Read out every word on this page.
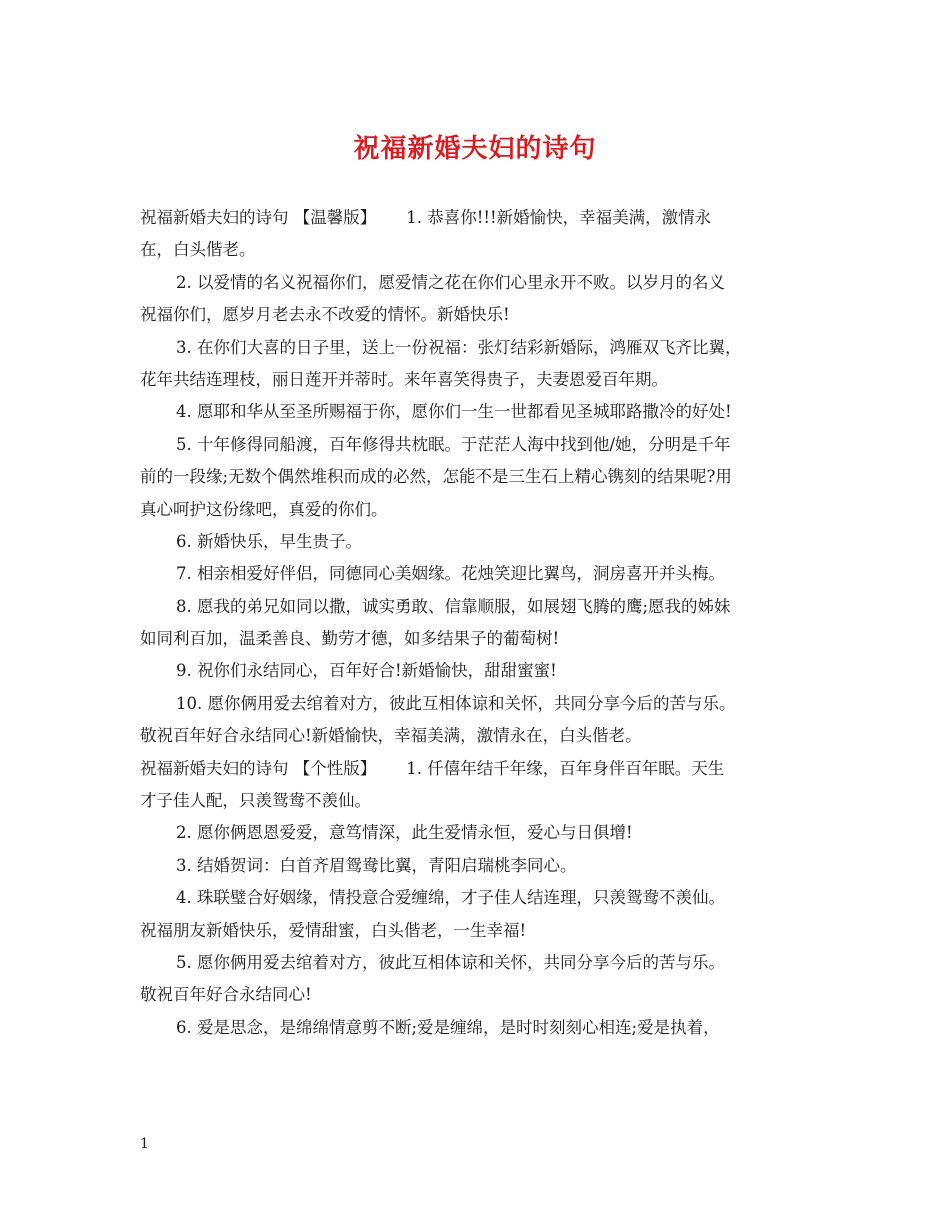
祝福新婚夫妇的诗句
祝福新婚夫妇的诗句 【温馨版】　　 1. 恭喜你!!!新婚愉快，幸福美满，激情永
在，白头偕老。
2. 以爱情的名义祝福你们，愿爱情之花在你们心里永开不败。以岁月的名义
祝福你们，愿岁月老去永不改爱的情怀。新婚快乐!
3. 在你们大喜的日子里，送上一份祝福：张灯结彩新婚际，鸿雁双飞齐比翼，
花年共结连理枝，丽日莲开并蒂时。来年喜笑得贵子，夫妻恩爱百年期。
4. 愿耶和华从至圣所赐福于你，愿你们一生一世都看见圣城耶路撒冷的好处!
5. 十年修得同船渡，百年修得共枕眠。于茫茫人海中找到他/她，分明是千年
前的一段缘;无数个偶然堆积而成的必然，怎能不是三生石上精心镌刻的结果呢?用
真心呵护这份缘吧，真爱的你们。
6. 新婚快乐，早生贵子。
7. 相亲相爱好伴侣，同德同心美姻缘。花烛笑迎比翼鸟，洞房喜开并头梅。
8. 愿我的弟兄如同以撒，诚实勇敢、信靠顺服，如展翅飞腾的鹰;愿我的姊妹
如同利百加，温柔善良、勤劳才德，如多结果子的葡萄树!
9. 祝你们永结同心，百年好合!新婚愉快，甜甜蜜蜜!
10. 愿你俩用爱去绾着对方，彼此互相体谅和关怀，共同分享今后的苦与乐。
敬祝百年好合永结同心!新婚愉快，幸福美满，激情永在，白头偕老。
祝福新婚夫妇的诗句 【个性版】　　 1. 仟僖年结千年缘，百年身伴百年眠。天生
才子佳人配，只羡鸳鸯不羡仙。
2. 愿你俩恩恩爱爱，意笃情深，此生爱情永恒，爱心与日俱增!
3. 结婚贺词：白首齐眉鸳鸯比翼，青阳启瑞桃李同心。
4. 珠联璧合好姻缘，情投意合爱缠绵，才子佳人结连理，只羡鸳鸯不羡仙。
祝福朋友新婚快乐，爱情甜蜜，白头偕老，一生幸福!
5. 愿你俩用爱去绾着对方，彼此互相体谅和关怀，共同分享今后的苦与乐。
敬祝百年好合永结同心!
6. 爱是思念，是绵绵情意剪不断;爱是缠绵，是时时刻刻心相连;爱是执着，
1
